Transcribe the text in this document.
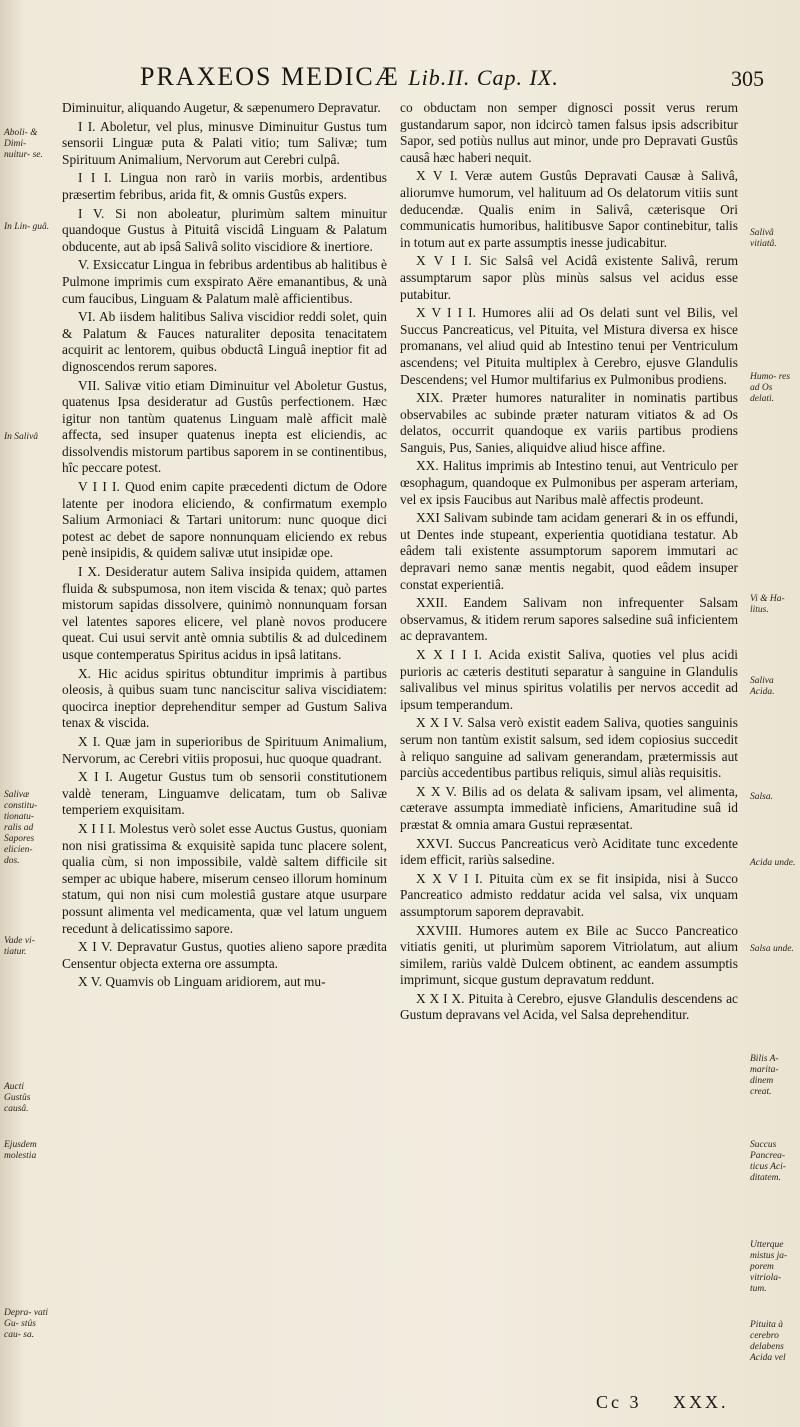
PRAXEOS MEDICÆ Lib.II. Cap. IX.	305

Diminuitur, aliquando Augetur, & sæpenumero Depravatur.

I I. Aboletur, vel plus, minusve Diminuitur Gustus tum sensorii Linguæ puta & Palati vitio; tum Salivæ; tum Spirituum Animalium, Nervorum aut Cerebri culpâ.

I I I. Lingua non rarò in variis morbis, ardentibus præsertim febribus, arida fit, & omnis Gustûs expers.

I V. Si non aboleatur, plurimùm saltem minuitur quandoque Gustus à Pituitâ viscidâ Linguam & Palatum obducente, aut ab ipsâ Salivâ solito viscidiore & inertiore.

V. Exsiccatur Lingua in febribus ardentibus ab halitibus è Pulmone imprimis cum exspirato Aëre emanantibus, & unà cum faucibus, Linguam & Palatum malè afficientibus.

VI. Ab iisdem halitibus Saliva viscidior reddi solet, quin & Palatum & Fauces naturaliter deposita tenacitatem acquirit ac lentorem, quibus obductâ Linguâ ineptior fit ad dignoscendos rerum sapores.

VII. Salivæ vitio etiam Diminuitur vel Aboletur Gustus, quatenus Ipsa desideratur ad Gustûs perfectionem. Hæc igitur non tantùm quatenus Linguam malè afficit malè affecta, sed insuper quatenus inepta est eliciendis, ac dissolvendis mistorum partibus saporem in se continentibus, hîc peccare potest.

V I I I. Quod enim capite præcedenti dictum de Odore latente per inodora eliciendo, & confirmatum exemplo Salium Armoniaci & Tartari unitorum: nunc quoque dici potest ac debet de sapore nonnunquam eliciendo ex rebus penè insipidis, & quidem salivæ utut insipidæ ope.

I X. Desideratur autem Saliva insipida quidem, attamen fluida & subspumosa, non item viscida & tenax; quò partes mistorum sapidas dissolvere, quinimò nonnunquam forsan vel latentes sapores elicere, vel planè novos producere queat. Cui usui servit antè omnia subtilis & ad dulcedinem usque contemperatus Spiritus acidus in ipsâ latitans.

X. Hic acidus spiritus obtunditur imprimis à partibus oleosis, à quibus suam tunc nanciscitur saliva viscidiatem: quocirca ineptior deprehenditur semper ad Gustum Saliva tenax & viscida.

X I. Quæ jam in superioribus de Spirituum Animalium, Nervorum, ac Cerebri vitiis proposui, huc quoque quadrant.

X I I. Augetur Gustus tum ob sensorii constitutionem valdè teneram, Linguamve delicatam, tum ob Salivæ temperiem exquisitam.

X I I I. Molestus verò solet esse Auctus Gustus, quoniam non nisi gratissima & exquisitè sapida tunc placere solent, qualia cùm, si non impossibile, valdè saltem difficile sit semper ac ubique habere, miserum censeo illorum hominum statum, qui non nisi cum molestiâ gustare atque usurpare possunt alimenta vel medicamenta, quæ vel latum unguem recedunt à delicatissimo sapore.

X I V. Depravatur Gustus, quoties alieno sapore prædita Censentur objecta externa ore assumpta.

X V. Quamvis ob Linguam aridiorem, aut mu-

co obductam non semper dignosci possit verus rerum gustandarum sapor, non idcircò tamen falsus ipsis adscribitur Sapor, sed potiùs nullus aut minor, unde pro Depravati Gustûs causâ hæc haberi nequit.

X V I. Veræ autem Gustûs Depravati Causæ à Salivâ, aliorumve humorum, vel halituum ad Os delatorum vitiis sunt deducendæ. Qualis enim in Salivâ, cæterisque Ori communicatis humoribus, halitibusve Sapor continebitur, talis in totum aut ex parte assumptis inesse judicabitur.

X V I I. Sic Salsâ vel Acidâ existente Salivâ, rerum assumptarum sapor plùs minùs salsus vel acidus esse putabitur.

X V I I I. Humores alii ad Os delati sunt vel Bilis, vel Succus Pancreaticus, vel Pituita, vel Mistura diversa ex hisce promanans, vel aliud quid ab Intestino tenui per Ventriculum ascendens; vel Pituita multiplex à Cerebro, ejusve Glandulis Descendens; vel Humor multifarius ex Pulmonibus prodiens.

XIX. Præter humores naturaliter in nominatis partibus observabiles ac subinde præter naturam vitiatos & ad Os delatos, occurrit quandoque ex variis partibus prodiens Sanguis, Pus, Sanies, aliquidve aliud hisce affine.

XX. Halitus imprimis ab Intestino tenui, aut Ventriculo per œsophagum, quandoque ex Pulmonibus per asperam arteriam, vel ex ipsis Faucibus aut Naribus malè affectis prodeunt.

XXI Salivam subinde tam acidam generari & in os effundi, ut Dentes inde stupeant, experientia quotidiana testatur. Ab eâdem tali existente assumptorum saporem immutari ac depravari nemo sanæ mentis negabit, quod eâdem insuper constat experientiâ.

XXII. Eandem Salivam non infrequenter Salsam observamus, & itidem rerum sapores salsedine suâ inficientem ac depravantem.

X X I I I. Acida existit Saliva, quoties vel plus acidi purioris ac cæteris destituti separatur à sanguine in Glandulis salivalibus vel minus spiritus volatilis per nervos accedit ad ipsum temperandum.

X X I V. Salsa verò existit eadem Saliva, quoties sanguinis serum non tantùm existit salsum, sed idem copiosius succedit à reliquo sanguine ad salivam generandam, prætermissis aut parciùs accedentibus partibus reliquis, simul aliàs requisitis.

X X V. Bilis ad os delata & salivam ipsam, vel alimenta, cæterave assumpta immediatè inficiens, Amaritudine suâ id præstat & omnia amara Gustui repræsentat.

XXVI. Succus Pancreaticus verò Aciditate tunc excedente idem efficit, rariùs salsedine.

X X V I I. Pituita cùm ex se fit insipida, nisi à Succo Pancreatico admisto reddatur acida vel salsa, vix unquam assumptorum saporem depravabit.

XXVIII. Humores autem ex Bile ac Succo Pancreatico vitiatis geniti, ut plurimùm saporem Vitriolatum, aut alium similem, rariùs valdè Dulcem obtinent, ac eandem assumptis imprimunt, sicque gustum depravatum reddunt.

X X I X. Pituita à Cerebro, ejusve Glandulis descendens ac Gustum depravans vel Acida, vel Salsa deprehenditur.

Aboli- & Dimi- nuitur- se.
In Lin- guâ.
In Salivâ
Salivæ constitu- tionatu- ralis ad Sapores elicien- dos.
Vade vi- tiatur.
Aucti Gustûs causâ.
Ejusdem molestia
Depra- vati Gu- stûs cau- sa.
Salivâ vitiatâ.
Humo- res ad Os delati.
Vi & Ha- litus.
Saliva Acida.
Salsa.
Acida unde.
Salsa unde.
Bilis A- marita- dinem creat.
Succus Pancrea- ticus Aci- ditatem.
Utterque mistus ja- porem vitriola- tum.
Pituita à cerebro delabens Acida vel
Cc 3 XXX.
